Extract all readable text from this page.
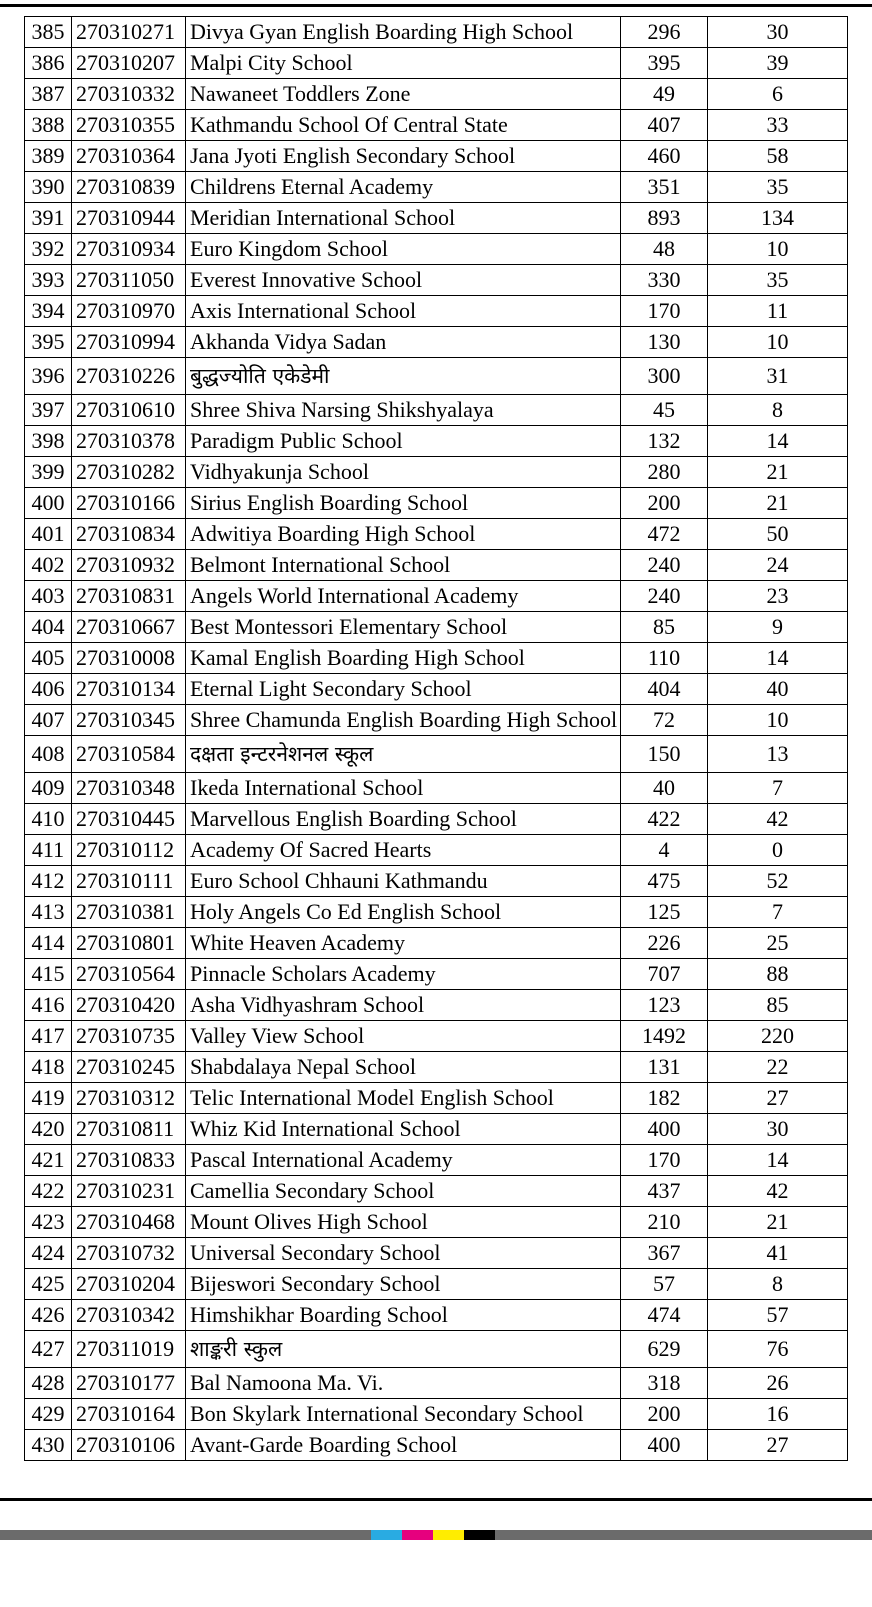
385	270310271	Divya Gyan English Boarding High School	296	30
386	270310207	Malpi City School	395	39
387	270310332	Nawaneet Toddlers Zone	49	6
388	270310355	Kathmandu School Of Central State	407	33
389	270310364	Jana Jyoti English Secondary School	460	58
390	270310839	Childrens Eternal Academy	351	35
391	270310944	Meridian International School	893	134
392	270310934	Euro Kingdom School	48	10
393	270311050	Everest Innovative School	330	35
394	270310970	Axis International School	170	11
395	270310994	Akhanda Vidya Sadan	130	10
396	270310226	बुद्धज्योति एकेडेमी	300	31
397	270310610	Shree Shiva Narsing Shikshyalaya	45	8
398	270310378	Paradigm Public School	132	14
399	270310282	Vidhyakunja School	280	21
400	270310166	Sirius English Boarding School	200	21
401	270310834	Adwitiya Boarding High School	472	50
402	270310932	Belmont International School	240	24
403	270310831	Angels World International Academy	240	23
404	270310667	Best Montessori Elementary School	85	9
405	270310008	Kamal English Boarding High School	110	14
406	270310134	Eternal Light Secondary School	404	40
407	270310345	Shree Chamunda English Boarding High School	72	10
408	270310584	दक्षता इन्टरनेशनल स्कूल	150	13
409	270310348	Ikeda International School	40	7
410	270310445	Marvellous English Boarding School	422	42
411	270310112	Academy Of Sacred Hearts	4	0
412	270310111	Euro School Chhauni Kathmandu	475	52
413	270310381	Holy Angels Co Ed English School	125	7
414	270310801	White Heaven Academy	226	25
415	270310564	Pinnacle Scholars Academy	707	88
416	270310420	Asha Vidhyashram School	123	85
417	270310735	Valley View School	1492	220
418	270310245	Shabdalaya Nepal School	131	22
419	270310312	Telic International Model English School	182	27
420	270310811	Whiz Kid International School	400	30
421	270310833	Pascal International Academy	170	14
422	270310231	Camellia Secondary School	437	42
423	270310468	Mount Olives High School	210	21
424	270310732	Universal Secondary School	367	41
425	270310204	Bijeswori Secondary School	57	8
426	270310342	Himshikhar Boarding School	474	57
427	270311019	शाङ्करी स्कुल	629	76
428	270310177	Bal Namoona Ma. Vi.	318	26
429	270310164	Bon Skylark International Secondary School	200	16
430	270310106	Avant-Garde Boarding School	400	27
